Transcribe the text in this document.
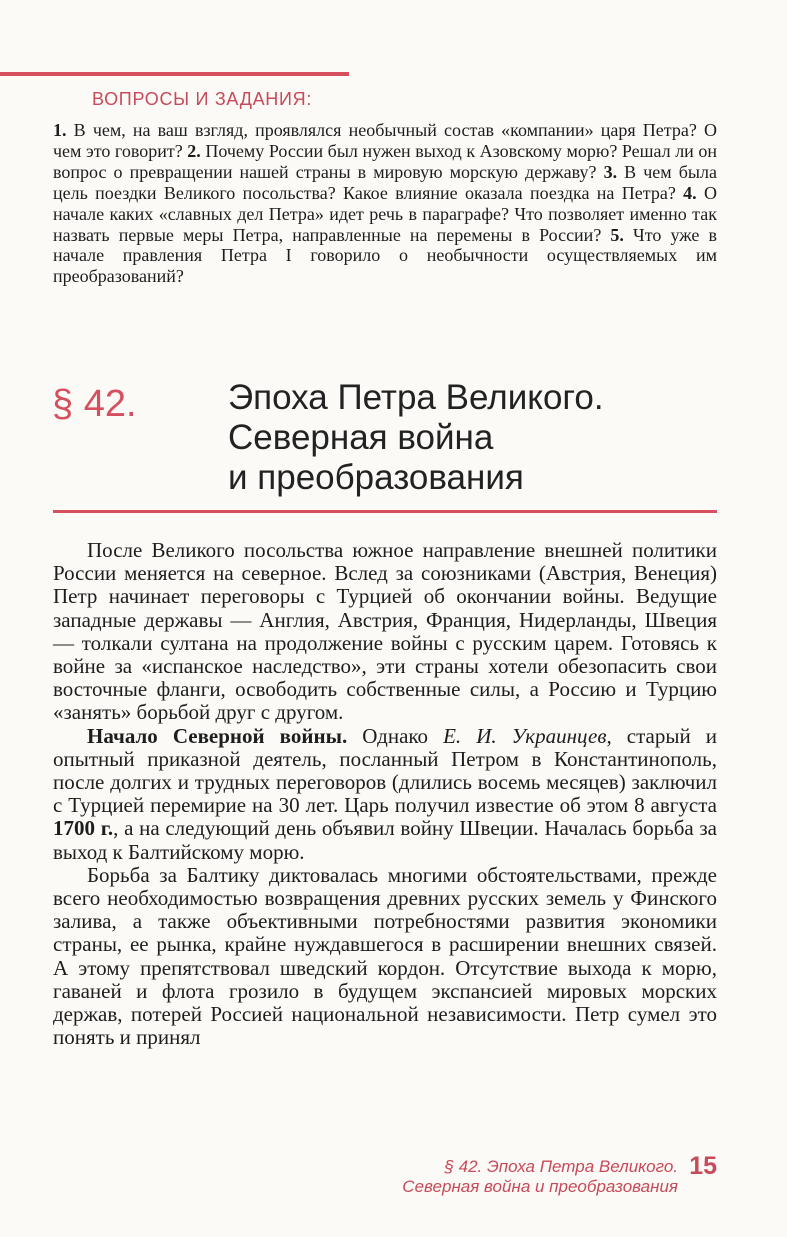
ВОПРОСЫ И ЗАДАНИЯ:

1. В чем, на ваш взгляд, проявлялся необычный состав «компании» царя Петра? О чем это говорит? 2. Почему России был нужен выход к Азовскому морю? Решал ли он вопрос о превращении нашей страны в мировую морскую державу? 3. В чем была цель поездки Великого посольства? Какое влияние оказала поездка на Петра? 4. О начале каких «славных дел Петра» идет речь в параграфе? Что позволяет именно так назвать первые меры Петра, направленные на перемены в России? 5. Что уже в начале правления Петра I говорило о необычности осуществляемых им преобразований?

§ 42.	Эпоха Петра Великого.
Северная война
и преобразования

После Великого посольства южное направление внешней политики России меняется на северное. Вслед за союзниками (Австрия, Венеция) Петр начинает переговоры с Турцией об окончании войны. Ведущие западные державы — Англия, Австрия, Франция, Нидерланды, Швеция — толкали султана на продолжение войны с русским царем. Готовясь к войне за «испанское наследство», эти страны хотели обезопасить свои восточные фланги, освободить собственные силы, а Россию и Турцию «занять» борьбой друг с другом.

Начало Северной войны. Однако Е. И. Украинцев, старый и опытный приказной деятель, посланный Петром в Константинополь, после долгих и трудных переговоров (длились восемь месяцев) заключил с Турцией перемирие на 30 лет. Царь получил известие об этом 8 августа 1700 г., а на следующий день объявил войну Швеции. Началась борьба за выход к Балтийскому морю.

Борьба за Балтику диктовалась многими обстоятельствами, прежде всего необходимостью возвращения древних русских земель у Финского залива, а также объективными потребностями развития экономики страны, ее рынка, крайне нуждавшегося в расширении внешних связей. А этому препятствовал шведский кордон. Отсутствие выхода к морю, гаваней и флота грозило в будущем экспансией мировых морских держав, потерей Россией национальной независимости. Петр сумел это понять и принял

§ 42. Эпоха Петра Великого.
Северная война и преобразования

15
